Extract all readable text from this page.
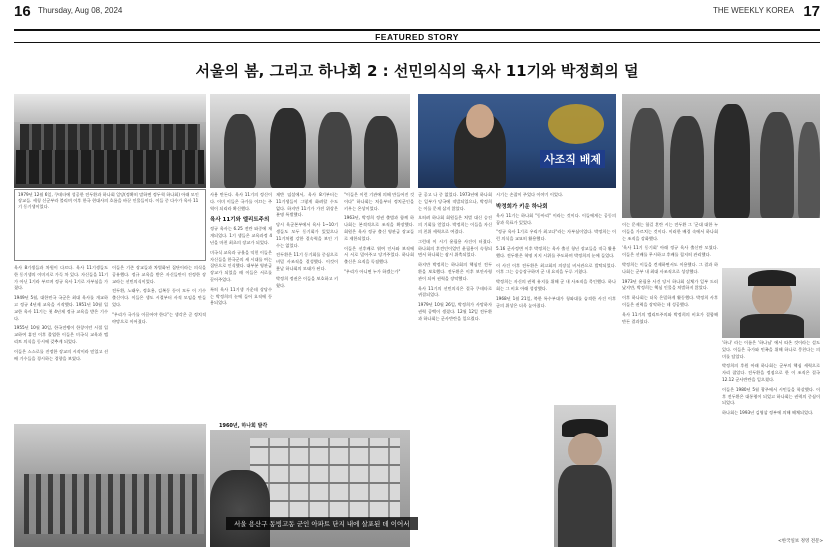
16 Thursday, Aug 08, 2024	17
THE WEEKLY KOREA
FEATURED STORY
서울의 봄, 그리고 하나회 2 : 선민의식의 육사 11기와 박정희의 덜
1979년 12월 6일, 쿠데타에 성공한 전두환과 하나회 일당(정확히 말하면 정두혁 하나회) 아래 모인 장교들. 세칭 신군부라 불리며 이후 한국 현대사의 흐름을 바꾼 인물들이다. 이들 중 다수가 육사 11기 동기생이었다.

육사 8기생들과 차원이 다르다. 육사 11기생들도 한 동기생의 이미지로 가득 차 있다. 자신들을 11기가 아닌 1기라 부르며 정규 육사 1기로 자부심을 가졌다.

1949년 5월, 대한민국 국군은 최대 육사를 개교하고 정규 4년제 교육을 시작했다. 1951년 10월 입교한 육사 11기는 첫 4년제 정규 교육을 받은 기수다.

1955년 10월 30일, 한국전쟁이 한창이던 시절 입교하여 휴전 이후 졸업한 이들은 미국식 교육과 엘리트 의식을 동시에 갖추게 되었다.

이들은 스스로를 진정한 장교의 시작이라 믿었고 선배 기수들을 경시하는 경향을 보였다.

이들은 기존 장교들과 차별화된 집단이라는 의식을 공유했다. 정규 교육을 받은 자신들만이 진정한 장교라는 선민의식이었다.

전두환, 노태우, 정호용, 김복동 등이 모두 이 기수 출신이다. 이들은 생도 시절부터 사적 모임을 만들었다.

"우리가 국가를 이끌어야 한다"는 생각은 곧 정치적 야망으로 이어졌다.

사용 만든다. 육사 11기의 정신이다. 이미 이들은 국가를 이끄는 주역이 되리라 확신했다.

육사 11기와 엘리트주의

정규 육사는 6.25 전란 와중에 재개되었다. 1기 생들은 교육과정 4년을 마친 최초의 장교가 되었다.

미국식 교육과 규율을 익힌 이들은 자신들을 한국군의 새 시대를 여는 집단으로 인식했다. 대부분 영관급 장교가 되었을 때 이들은 서로를 끌어주었다.

특히 육사 11기생 가운데 상당수는 박정희의 눈에 들어 요직에 등용되었다.

제반 임설에서, 육사 8기부터는 11기생들이 그렇게 화려할 수도 없다. 하지만 11기가 가진 위상은 분명 특별했다.

당시 육군본부에서 육사 1~10기 생들도 모두 동기회가 있었으나 11기처럼 강한 결속력을 보인 기수는 없었다.

전두환은 11기 동기회를 중심으로 비밀 사조직을 결성했다. 이것이 훗날 하나회의 모태가 된다.

박정희 정권은 이들을 보호하고 키웠다.

1960년, 하나회 발각
서울 용산구 동빙고동 군인 아파트 단지 내에 살포된 데 이어서

"이들은 이런 기관에 의해 만들어진 것이다" 하나회는 처음부터 정치군인을 키우는 온상이었다.

1963년, 박정희 정권 출범과 함께 하나회는 본격적으로 조직을 확장했다. 회원은 육사 정규 출신 영관급 장교들로 제한되었다.

이들은 선후배로 엮여 인사와 보직에서 서로 밀어주고 당겨주었다. 하나회 출신은 요직을 독점했다.

"우리가 아니면 누가 하겠는가"

사조직 배제

군 공고 나 중 없었다. 1973년에 하나회는 일부가 당국에 적발되었으나, 박정희는 이를 문제 삼지 않았다.

오히려 하나회 회원들은 처벌 대신 승진의 기회를 얻었다. 박정희는 이들을 자신의 친위 세력으로 여겼다.

그런데 이 시기 윤필용 사건이 터졌다. 하나회의 후견인이었던 윤필용이 숙청되면서 하나회는 잠시 위축되었다.

하지만 박정희는 하나회의 핵심인 전두환을 보호했다. 전두환은 이후 보안사령관이 되어 권력을 장악했다.

육사 11기의 선민의식은 결국 쿠데타로 귀결되었다.

1979년 10월 26일, 박정희가 사망하자 권력 공백이 생겼다. 12월 12일 전두환과 하나회는 군사반란을 일으켰다.

시기는 손잡이 주었다 이야기 이었다.

박정희가 키운 하나회

육사 11기는 하나회 "동아리" 이라는 것이다. 이들에게는 공동의 꿈과 목표가 있었다.

"정규 육사 1기로 우리가 최고다"라는 자부심이었다. 박정희는 이런 의식을 교묘히 활용했다.

5.16 군사정변 이후 박정희는 육사 출신 청년 장교들을 적극 활용했다. 전두환은 혁명 지지 시위를 주도하며 박정희의 눈에 들었다.

이 사건 이후 전두환은 최고회의 의장실 비서관으로 발탁되었다. 이후 그는 승승장구하며 군 내 요직을 두루 거쳤다.

박정희는 자신의 권력 유지를 위해 군 내 사조직을 묵인했다. 하나회는 그 비호 아래 성장했다.

1968년 1월 21일, 북한 특수부대가 청와대를 습격한 사건 이후 군의 위상은 더욱 높아졌다.

이는 문제는 합길 혼란 시는 전두환 그 '군대 대한 누이들을 가르치는 것이다. 이러한 배경 속에서 하나회는 조직을 강화했다.

'육사 11기 동기회' 아래 정규 육사 출신만 모였다. 이들은 선배를 무시하고 후배를 철저히 관리했다.

박정희는 이들을 견제하면서도 이용했다. 그 결과 하나회는 군부 내 최대 사조직으로 성장했다.

1973년 윤필용 사건 당시 하나회 실체가 일부 드러났지만, 박정희는 핵심 인물을 처벌하지 않았다.

이후 하나회는 더욱 은밀하게 활동했다. 박정희 사후 이들은 권력을 장악하는 데 성공했다.

육사 11기의 엘리트주의와 박정희의 비호가 결합해 만든 결과였다.

'하나' 라는 이름은 '하나님' 에서 따온 것이라는 설도 있다. 이들은 국가와 민족을 위해 하나로 뭉친다는 의미를 담았다.

박정희의 후원 아래 하나회는 군부의 핵심 세력으로 자리 잡았다. 전두환을 정점으로 한 이 조직은 결국 12.12 군사반란을 일으켰다.

이들은 1980년 5월 광주에서 시민들을 학살했다. 이후 전두환은 대통령이 되었고 하나회는 권력의 중심이 되었다.

하나회는 1993년 김영삼 정부에 의해 해체되었다.

<한국일보 정영 전문>
